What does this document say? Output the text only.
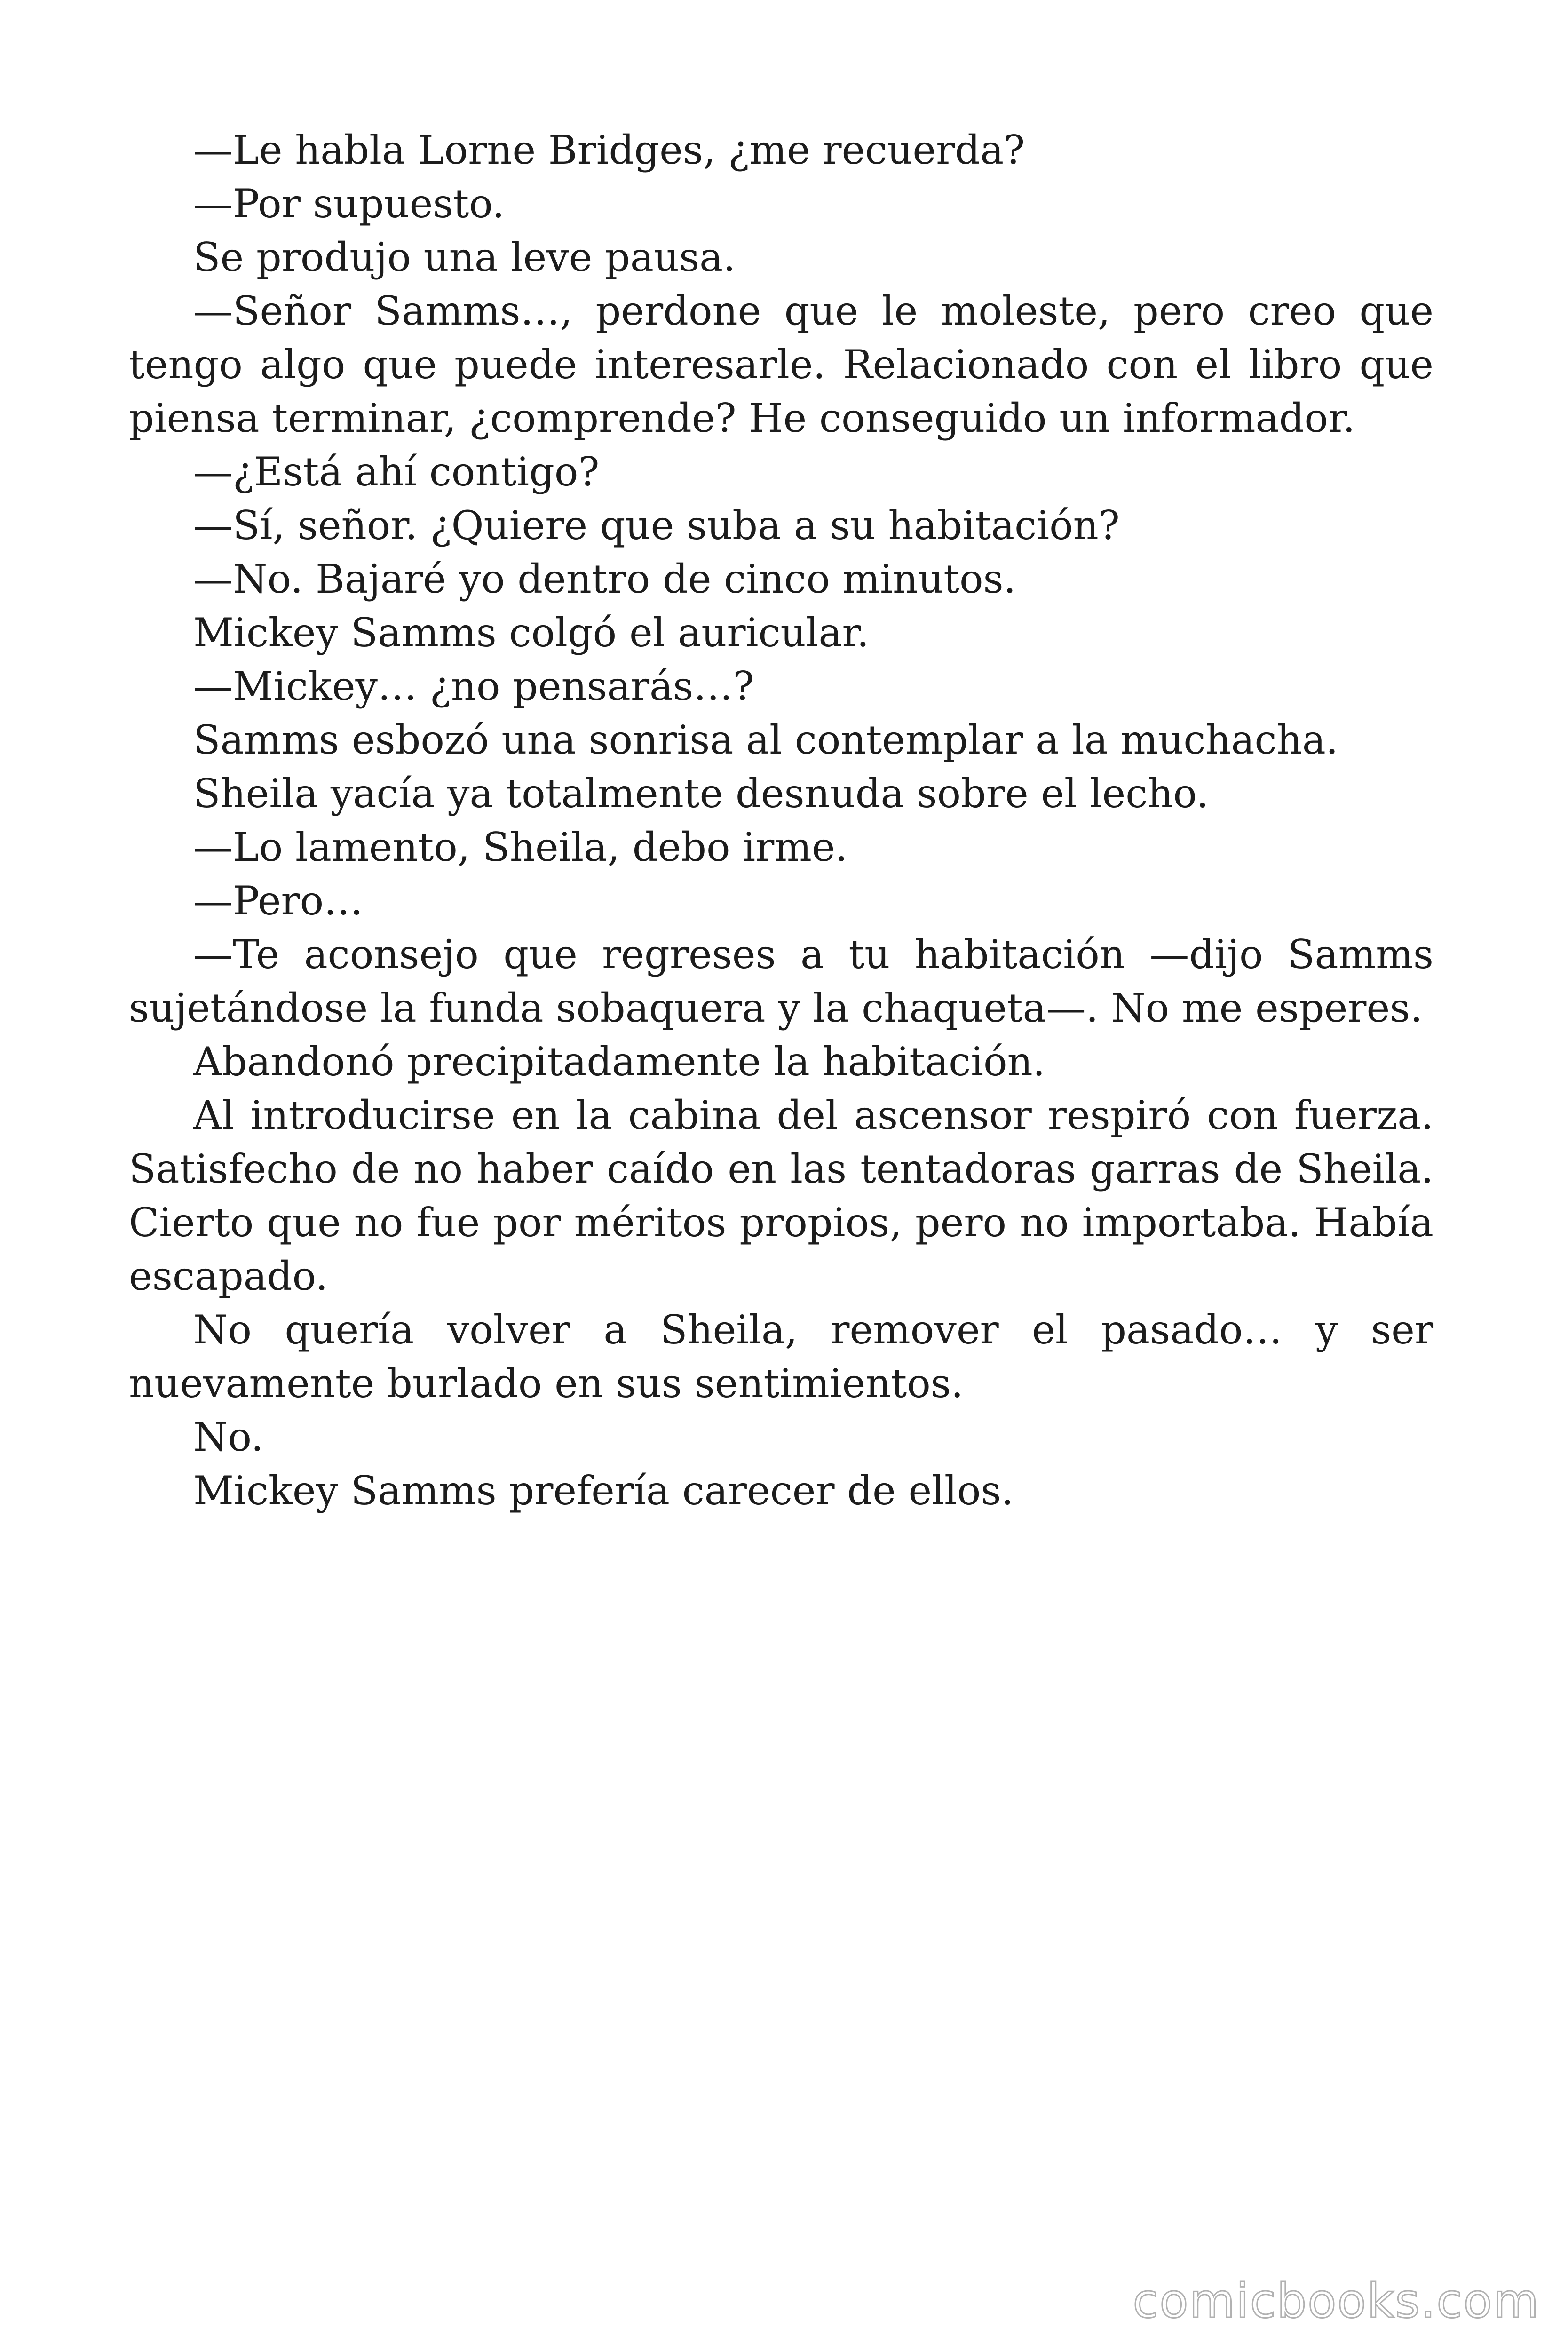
—Le habla Lorne Bridges, ¿me recuerda?

—Por supuesto.

Se produjo una leve pausa.

—Señor Samms…, perdone que le moleste, pero creo que tengo algo que puede interesarle. Relacionado con el libro que piensa terminar, ¿comprende? He conseguido un informador.

—¿Está ahí contigo?

—Sí, señor. ¿Quiere que suba a su habitación?

—No. Bajaré yo dentro de cinco minutos.

Mickey Samms colgó el auricular.

—Mickey… ¿no pensarás…?

Samms esbozó una sonrisa al contemplar a la muchacha.

Sheila yacía ya totalmente desnuda sobre el lecho.

—Lo lamento, Sheila, debo irme.

—Pero…

—Te aconsejo que regreses a tu habitación —dijo Samms sujetándose la funda sobaquera y la chaqueta—. No me esperes.

Abandonó precipitadamente la habitación.

Al introducirse en la cabina del ascensor respiró con fuerza. Satisfecho de no haber caído en las tentadoras garras de Sheila. Cierto que no fue por méritos propios, pero no importaba. Había escapado.

No quería volver a Sheila, remover el pasado… y ser nuevamente burlado en sus sentimientos.

No.

Mickey Samms prefería carecer de ellos.

comicbooks.com
